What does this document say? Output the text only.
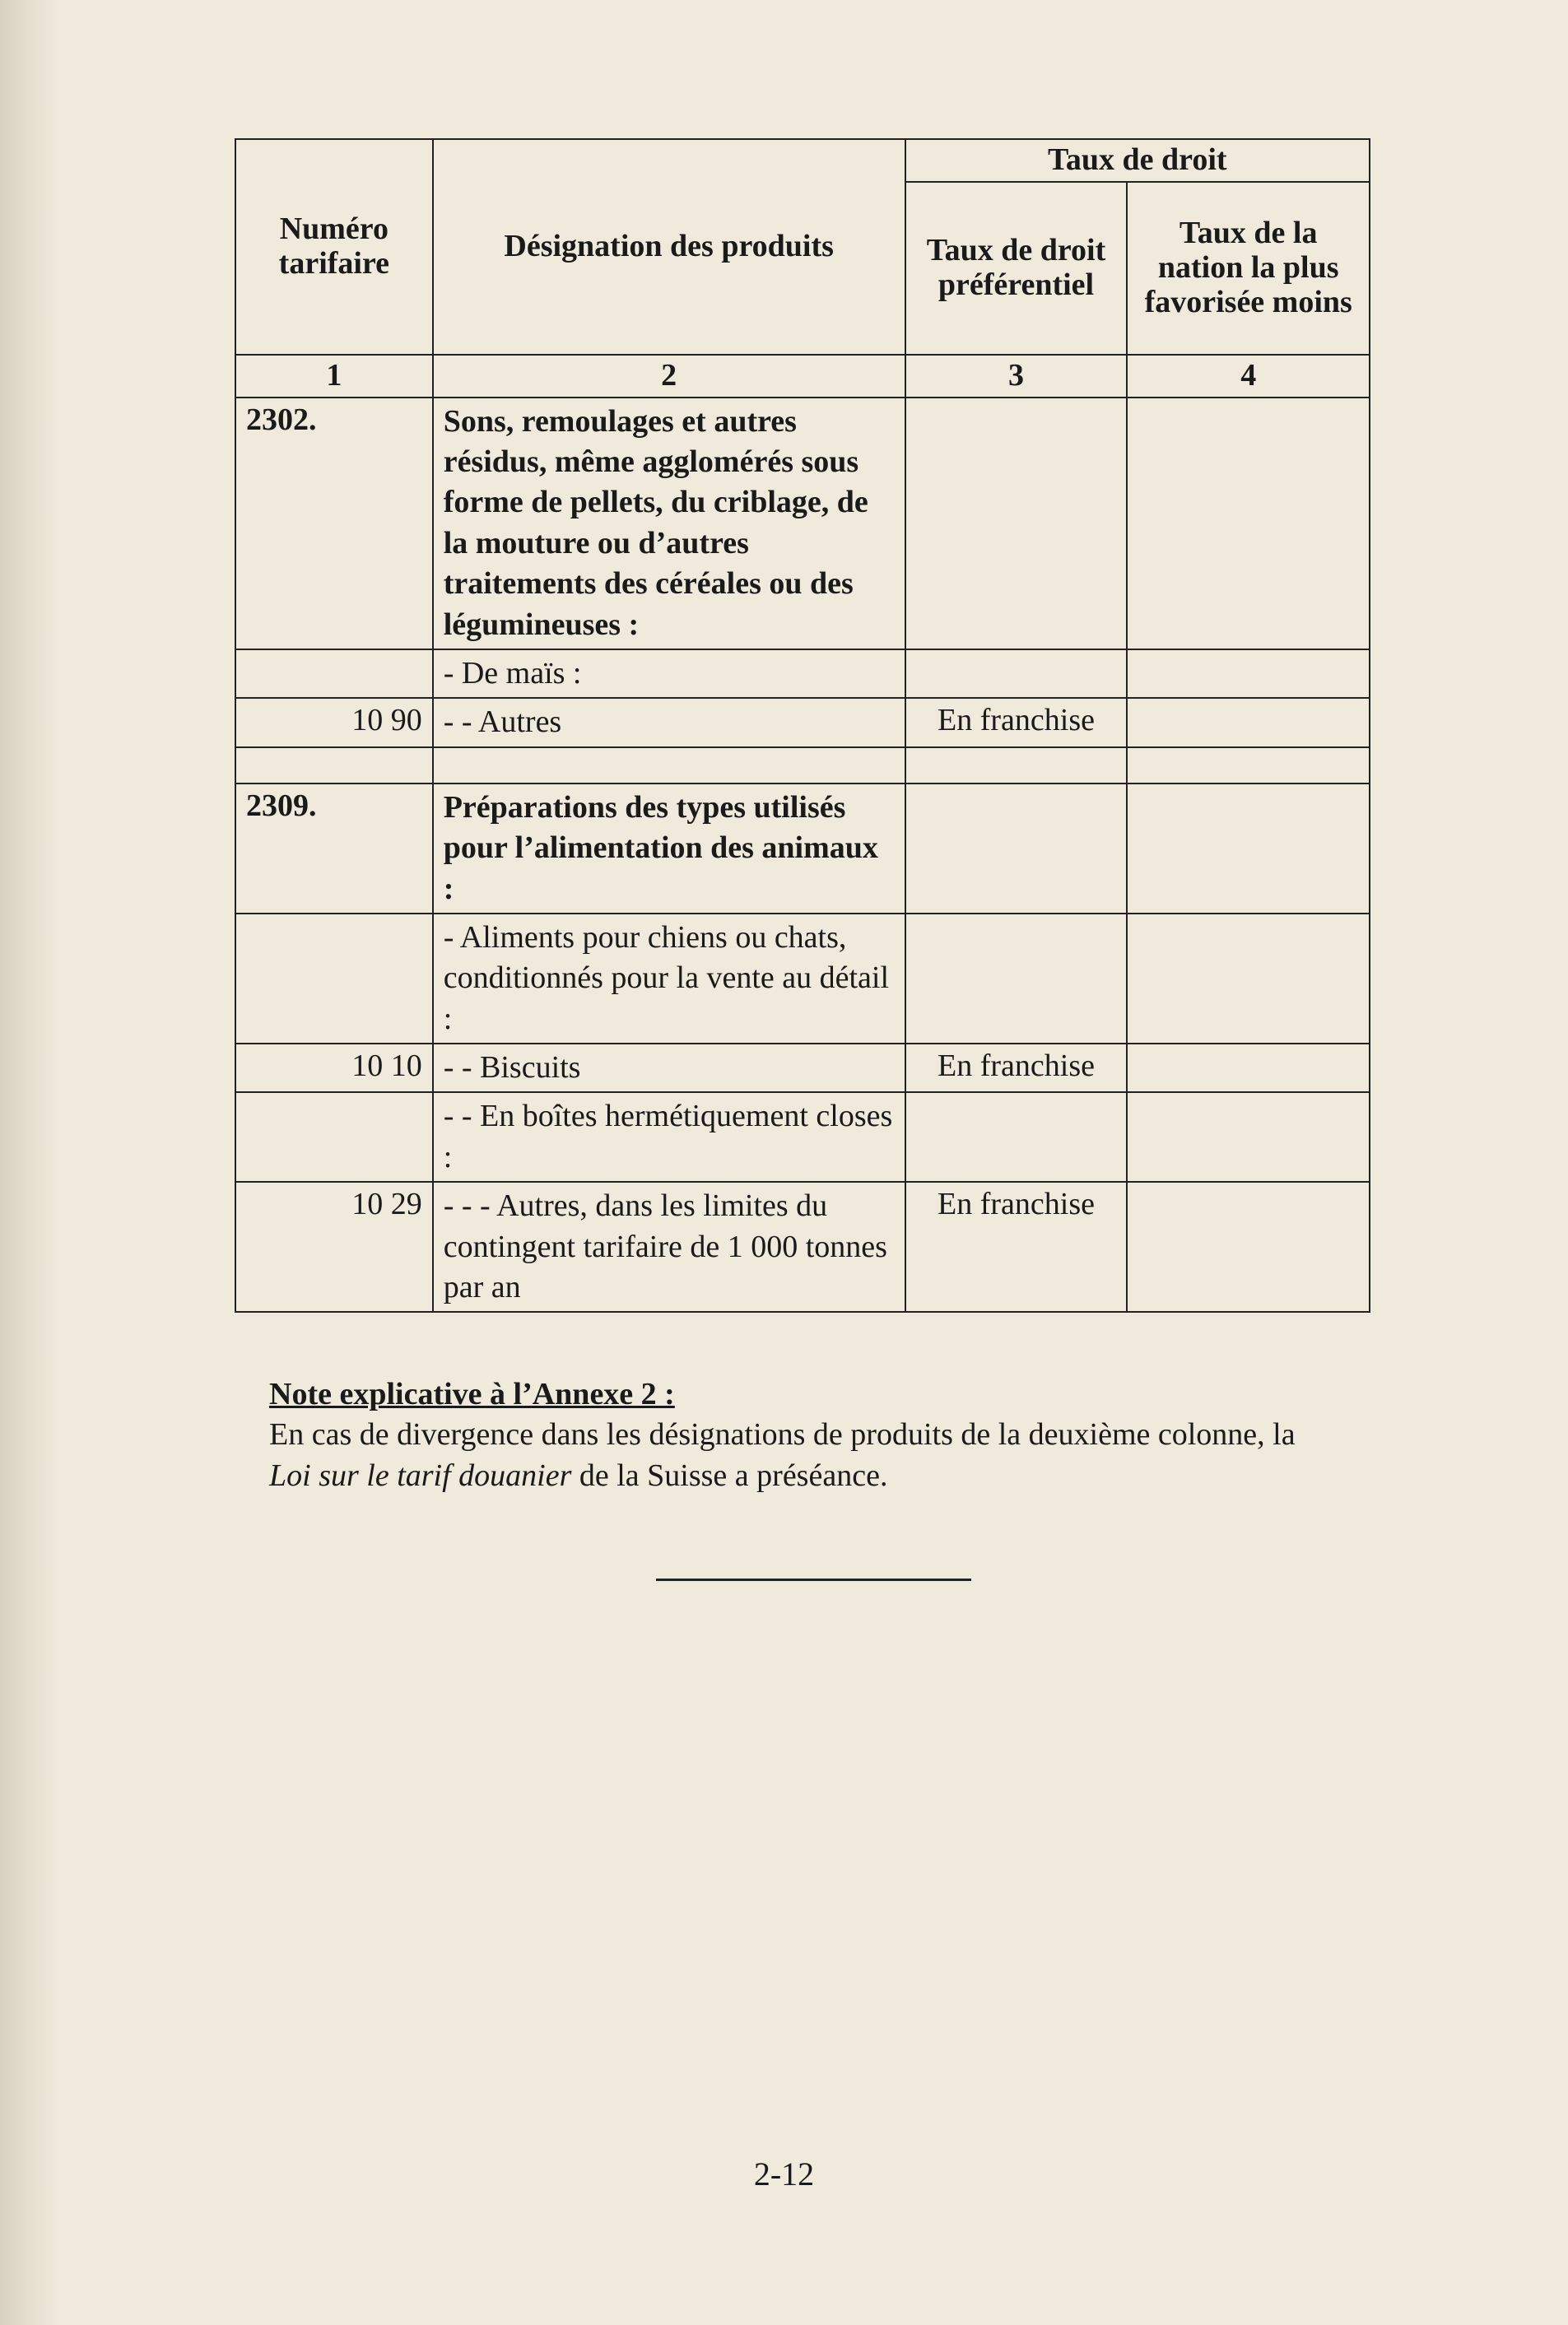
Numéro tarifaire	Désignation des produits	Taux de droit	
		Taux de droit préférentiel	Taux de la nation la plus favorisée moins
1	2	3	4
2302.	Sons, remoulages et autres résidus, même agglomérés sous forme de pellets, du criblage, de la mouture ou d’autres traitements des céréales ou des légumineuses :		
	- De maïs :		
10 90	- - Autres	En franchise	

2309.	Préparations des types utilisés pour l’alimentation des animaux :		
	- Aliments pour chiens ou chats, conditionnés pour la vente au détail :		
10 10	- - Biscuits	En franchise	
	- - En boîtes hermétiquement closes :		
10 29	- - - Autres, dans les limites du contingent tarifaire de 1 000 tonnes par an	En franchise	
Note explicative à l’Annexe 2 :
En cas de divergence dans les désignations de produits de la deuxième colonne, la Loi sur le tarif douanier de la Suisse a préséance.
2-12
